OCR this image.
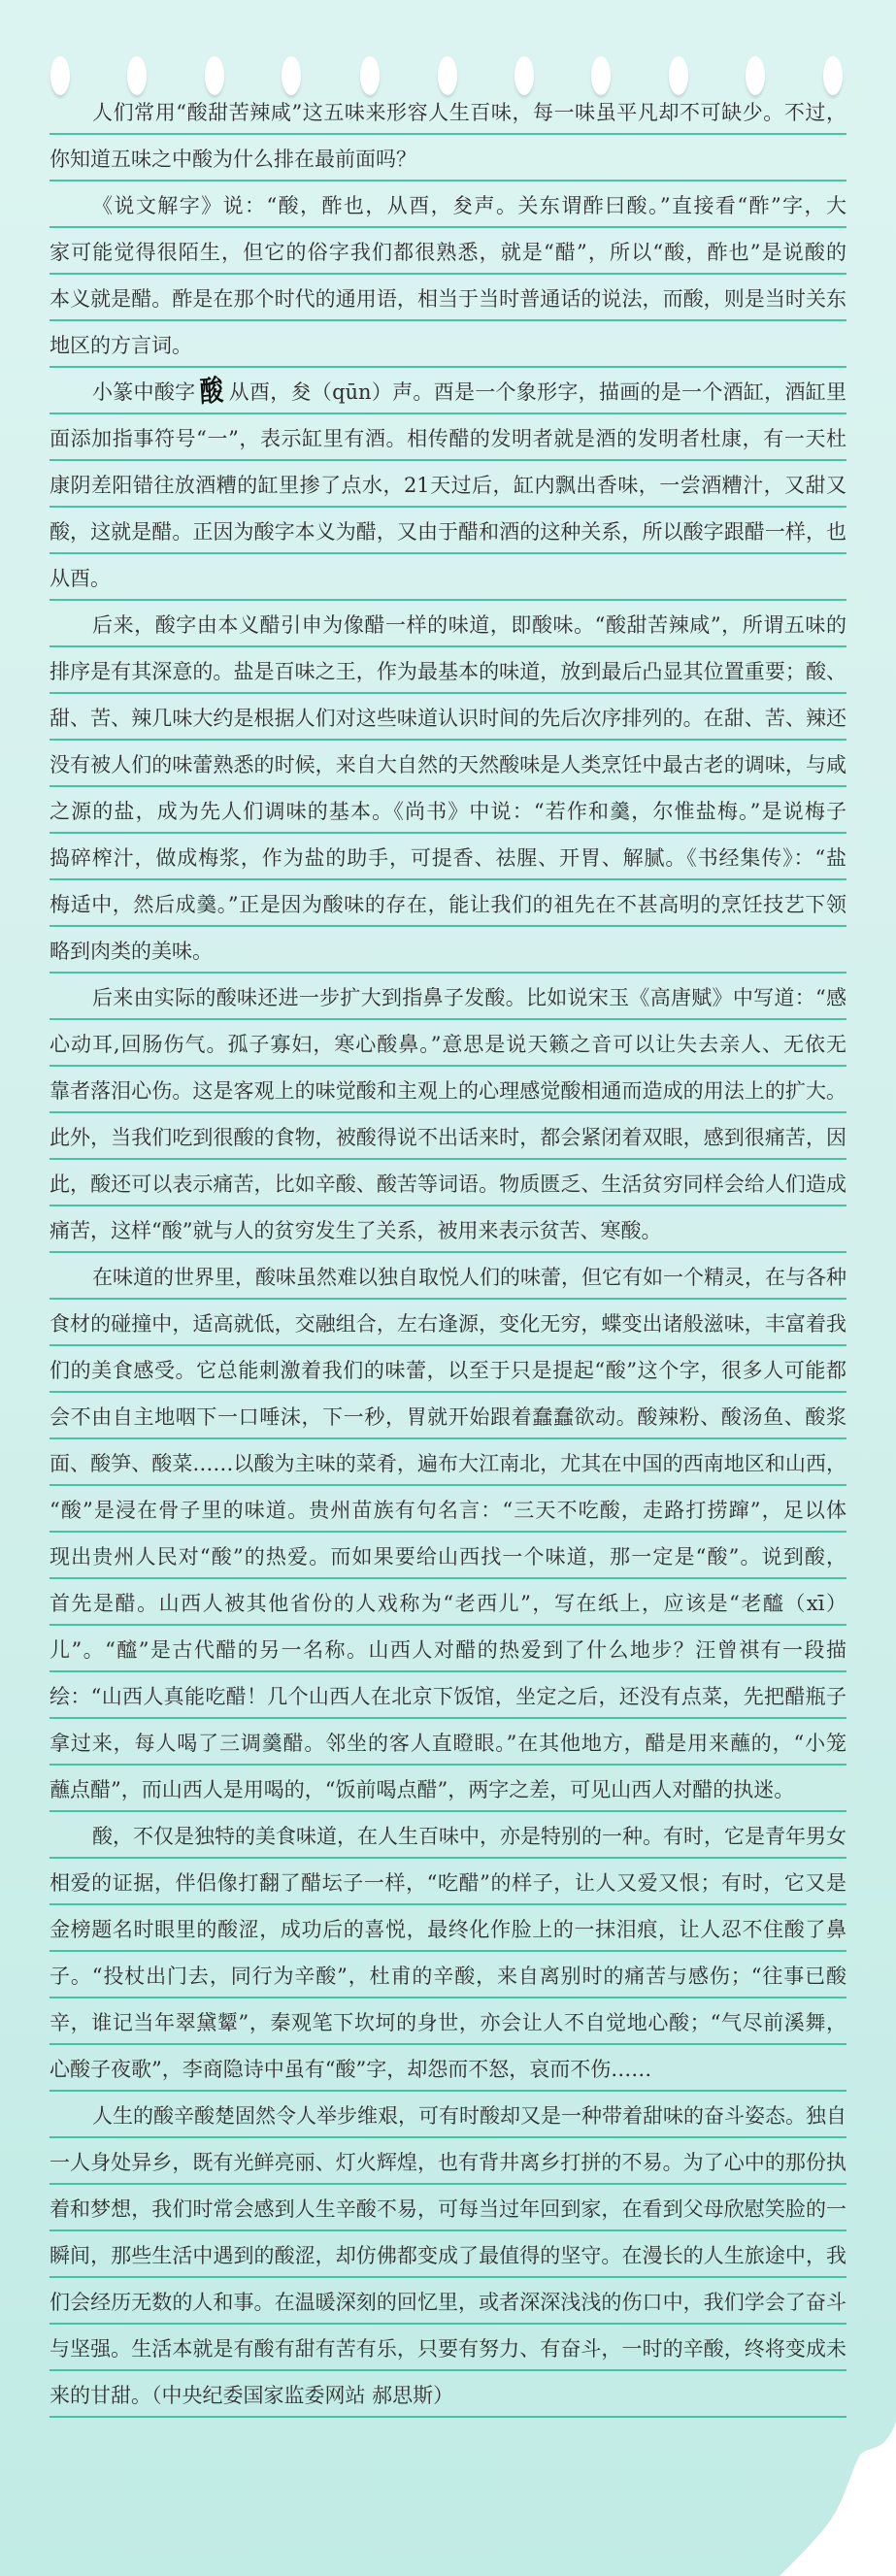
人们常用“酸甜苦辣咸”这五味来形容人生百味，每一味虽平凡却不可缺少。不过，
你知道五味之中酸为什么排在最前面吗？
《说文解字》说：“酸，酢也，从酉，夋声。关东谓酢曰酸。”直接看“酢”字，大
家可能觉得很陌生，但它的俗字我们都很熟悉，就是“醋”，所以“酸，酢也”是说酸的
本义就是醋。酢是在那个时代的通用语，相当于当时普通话的说法，而酸，则是当时关东
地区的方言词。
小篆中酸字 酸 从酉，夋（qūn）声。酉是一个象形字，描画的是一个酒缸，酒缸里
面添加指事符号“一”，表示缸里有酒。相传醋的发明者就是酒的发明者杜康，有一天杜
康阴差阳错往放酒糟的缸里掺了点水，21天过后，缸内飘出香味，一尝酒糟汁，又甜又
酸，这就是醋。正因为酸字本义为醋，又由于醋和酒的这种关系，所以酸字跟醋一样，也
从酉。
后来，酸字由本义醋引申为像醋一样的味道，即酸味。“酸甜苦辣咸”，所谓五味的
排序是有其深意的。盐是百味之王，作为最基本的味道，放到最后凸显其位置重要；酸、
甜、苦、辣几味大约是根据人们对这些味道认识时间的先后次序排列的。在甜、苦、辣还
没有被人们的味蕾熟悉的时候，来自大自然的天然酸味是人类烹饪中最古老的调味，与咸
之源的盐，成为先人们调味的基本。《尚书》中说：“若作和羹，尔惟盐梅。”是说梅子
捣碎榨汁，做成梅浆，作为盐的助手，可提香、祛腥、开胃、解腻。《书经集传》：“盐
梅适中，然后成羹。”正是因为酸味的存在，能让我们的祖先在不甚高明的烹饪技艺下领
略到肉类的美味。
后来由实际的酸味还进一步扩大到指鼻子发酸。比如说宋玉《高唐赋》中写道：“感
心动耳,回肠伤气。孤子寡妇，寒心酸鼻。”意思是说天籁之音可以让失去亲人、无依无
靠者落泪心伤。这是客观上的味觉酸和主观上的心理感觉酸相通而造成的用法上的扩大。
此外，当我们吃到很酸的食物，被酸得说不出话来时，都会紧闭着双眼，感到很痛苦，因
此，酸还可以表示痛苦，比如辛酸、酸苦等词语。物质匮乏、生活贫穷同样会给人们造成
痛苦，这样“酸”就与人的贫穷发生了关系，被用来表示贫苦、寒酸。
在味道的世界里，酸味虽然难以独自取悦人们的味蕾，但它有如一个精灵，在与各种
食材的碰撞中，适高就低，交融组合，左右逢源，变化无穷，蝶变出诸般滋味，丰富着我
们的美食感受。它总能刺激着我们的味蕾，以至于只是提起“酸”这个字，很多人可能都
会不由自主地咽下一口唾沫，下一秒，胃就开始跟着蠢蠢欲动。酸辣粉、酸汤鱼、酸浆
面、酸笋、酸菜……以酸为主味的菜肴，遍布大江南北，尤其在中国的西南地区和山西，
“酸”是浸在骨子里的味道。贵州苗族有句名言：“三天不吃酸，走路打捞蹿”，足以体
现出贵州人民对“酸”的热爱。而如果要给山西找一个味道，那一定是“酸”。说到酸，
首先是醋。山西人被其他省份的人戏称为“老西儿”，写在纸上，应该是“老醯（xī）
儿”。“醯”是古代醋的另一名称。山西人对醋的热爱到了什么地步？汪曾祺有一段描
绘：“山西人真能吃醋！几个山西人在北京下饭馆，坐定之后，还没有点菜，先把醋瓶子
拿过来，每人喝了三调羹醋。邻坐的客人直瞪眼。”在其他地方，醋是用来蘸的，“小笼
蘸点醋”，而山西人是用喝的，“饭前喝点醋”，两字之差，可见山西人对醋的执迷。
酸，不仅是独特的美食味道，在人生百味中，亦是特别的一种。有时，它是青年男女
相爱的证据，伴侣像打翻了醋坛子一样，“吃醋”的样子，让人又爱又恨；有时，它又是
金榜题名时眼里的酸涩，成功后的喜悦，最终化作脸上的一抹泪痕，让人忍不住酸了鼻
子。“投杖出门去，同行为辛酸”，杜甫的辛酸，来自离别时的痛苦与感伤；“往事已酸
辛，谁记当年翠黛颦”，秦观笔下坎坷的身世，亦会让人不自觉地心酸；“气尽前溪舞，
心酸子夜歌”，李商隐诗中虽有“酸”字，却怨而不怒，哀而不伤……
人生的酸辛酸楚固然令人举步维艰，可有时酸却又是一种带着甜味的奋斗姿态。独自
一人身处异乡，既有光鲜亮丽、灯火辉煌，也有背井离乡打拼的不易。为了心中的那份执
着和梦想，我们时常会感到人生辛酸不易，可每当过年回到家，在看到父母欣慰笑脸的一
瞬间，那些生活中遇到的酸涩，却仿佛都变成了最值得的坚守。在漫长的人生旅途中，我
们会经历无数的人和事。在温暖深刻的回忆里，或者深深浅浅的伤口中，我们学会了奋斗
与坚强。生活本就是有酸有甜有苦有乐，只要有努力、有奋斗，一时的辛酸，终将变成未
来的甘甜。（中央纪委国家监委网站 郝思斯）
